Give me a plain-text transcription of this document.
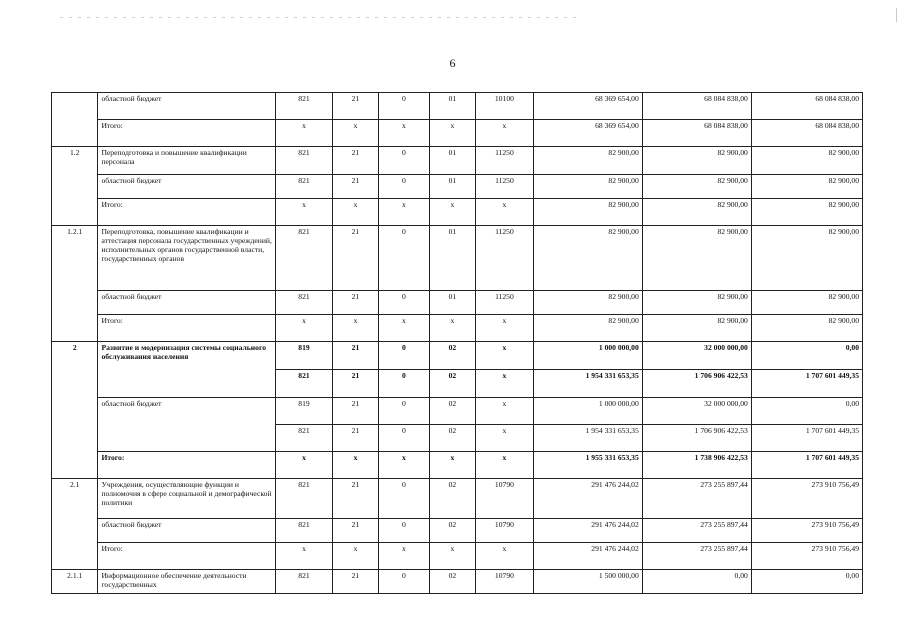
6
	областной бюджет	821	21	0	01	10100	68 369 654,00	68 084 838,00	68 084 838,00
	Итого:	x	x	x	x	x	68 369 654,00	68 084 838,00	68 084 838,00
1.2	Переподготовка и повышение квалификации персонала	821	21	0	01	11250	82 900,00	82 900,00	82 900,00
	областной бюджет	821	21	0	01	11250	82 900,00	82 900,00	82 900,00
	Итого:	x	x	x	x	x	82 900,00	82 900,00	82 900,00
1.2.1	Переподготовка, повышение квалификации и аттестация персонала государственных учреждений, исполнительных органов государственной власти, государственных органов	821	21	0	01	11250	82 900,00	82 900,00	82 900,00
	областной бюджет	821	21	0	01	11250	82 900,00	82 900,00	82 900,00
	Итого:	x	x	x	x	x	82 900,00	82 900,00	82 900,00
2	Развитие и модернизация системы социального обслуживания населения	819	21	0	02	x	1 000 000,00	32 000 000,00	0,00
		821	21	0	02	x	1 954 331 653,35	1 706 906 422,53	1 707 601 449,35
	областной бюджет	819	21	0	02	x	1 000 000,00	32 000 000,00	0,00
		821	21	0	02	x	1 954 331 653,35	1 706 906 422,53	1 707 601 449,35
	Итого:	x	x	x	x	x	1 955 331 653,35	1 738 906 422,53	1 707 601 449,35
2.1	Учреждения, осуществляющие функции и полномочия в сфере социальной и демографической политики	821	21	0	02	10790	291 476 244,02	273 255 897,44	273 910 756,49
	областной бюджет	821	21	0	02	10790	291 476 244,02	273 255 897,44	273 910 756,49
	Итого:	x	x	x	x	x	291 476 244,02	273 255 897,44	273 910 756,49
2.1.1	Информационное обеспечение деятельности государственных	821	21	0	02	10790	1 500 000,00	0,00	0,00
